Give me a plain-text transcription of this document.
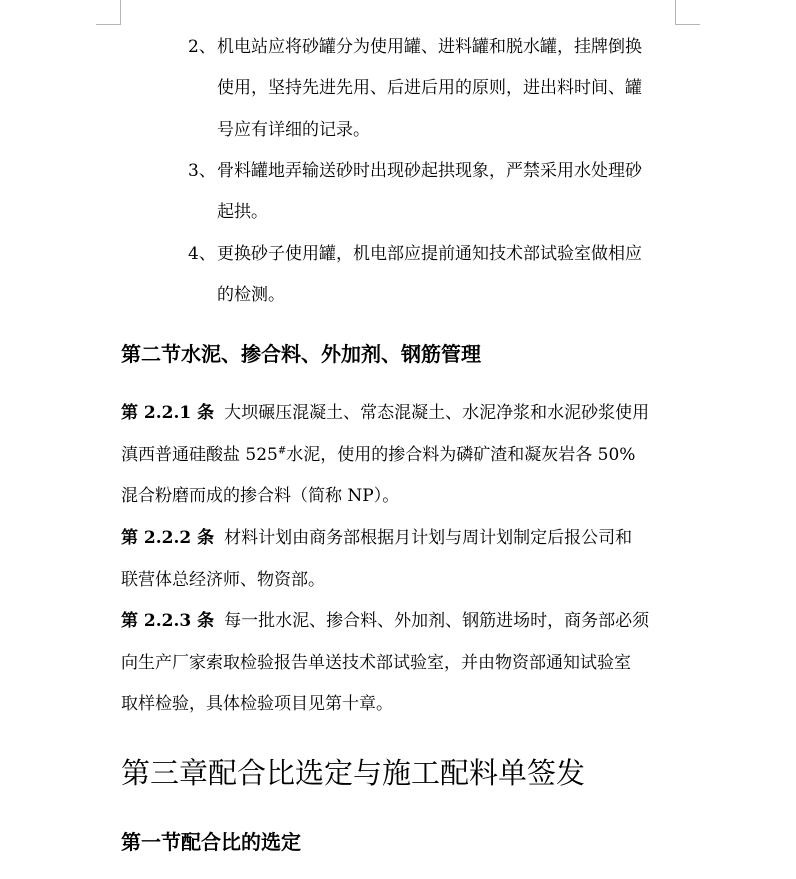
2、 机电站应将砂罐分为使用罐、进料罐和脱水罐，挂牌倒换
使用，坚持先进先用、后进后用的原则，进出料时间、罐
号应有详细的记录。
3、 骨料罐地弄输送砂时出现砂起拱现象，严禁采用水处理砂
起拱。
4、 更换砂子使用罐，机电部应提前通知技术部试验室做相应
的检测。
第二节水泥、掺合料、外加剂、钢筋管理
第 2.2.1 条 大坝碾压混凝土、常态混凝土、水泥净浆和水泥砂浆使用
滇西普通硅酸盐 525#水泥，使用的掺合料为磷矿渣和凝灰岩各 50%
混合粉磨而成的掺合料（简称 NP）。
第 2.2.2 条 材料计划由商务部根据月计划与周计划制定后报公司和
联营体总经济师、物资部。
第 2.2.3 条 每一批水泥、掺合料、外加剂、钢筋进场时，商务部必须
向生产厂家索取检验报告单送技术部试验室，并由物资部通知试验室
取样检验，具体检验项目见第十章。
第三章配合比选定与施工配料单签发
第一节配合比的选定
